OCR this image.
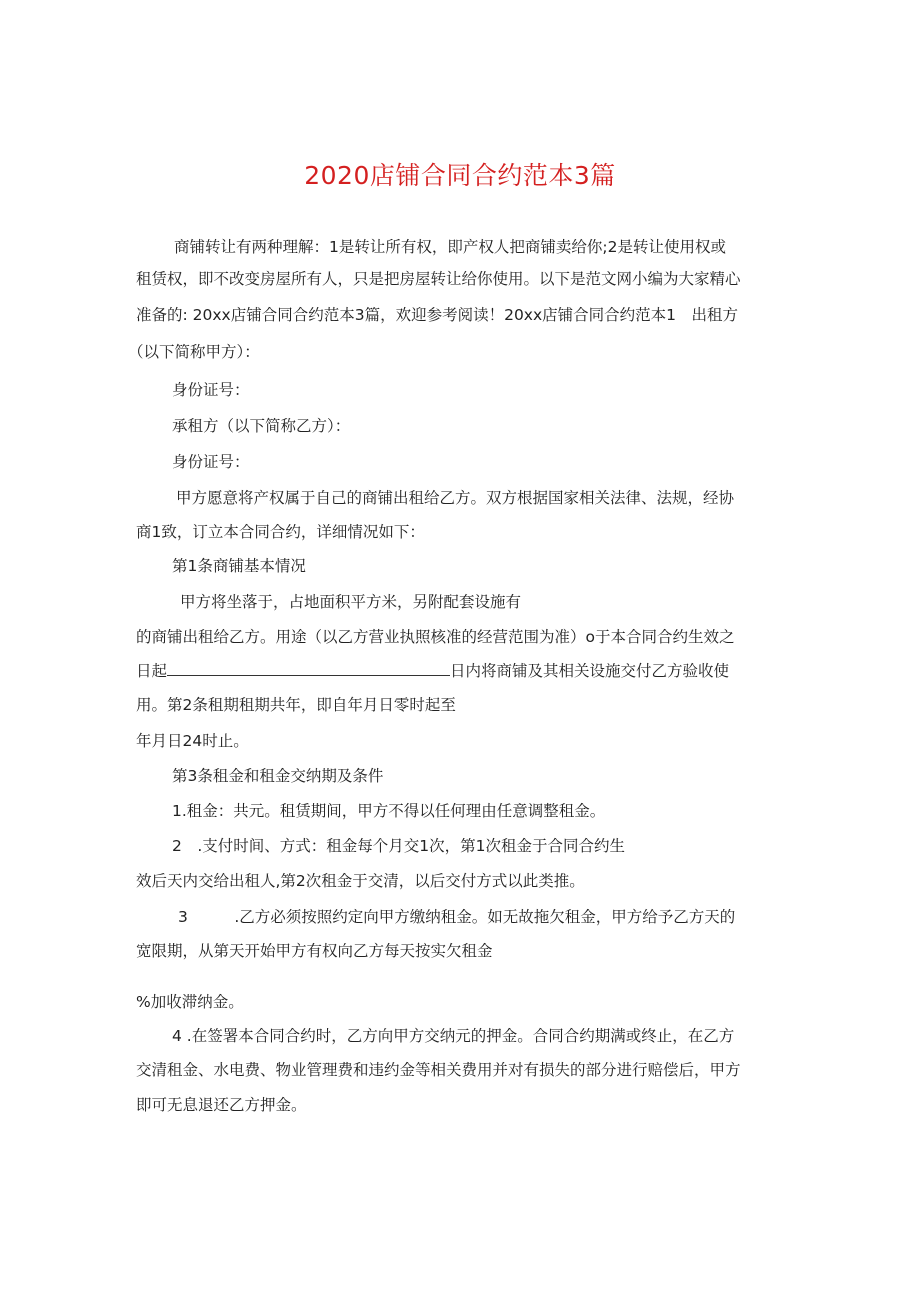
2020店铺合同合约范本3篇
商铺转让有两种理解：1是转让所有权，即产权人把商铺卖给你;2是转让使用权或
租赁权，即不改变房屋所有人，只是把房屋转让给你使用。以下是范文网小编为大家精心
准备的: 20xx店铺合同合约范本3篇，欢迎参考阅读！20xx店铺合同合约范本1　出租方
（以下简称甲方）：
身份证号：
承租方（以下简称乙方）：
身份证号：
甲方愿意将产权属于自己的商铺出租给乙方。双方根据国家相关法律、法规，经协
商1致，订立本合同合约，详细情况如下：
第1条商铺基本情况
甲方将坐落于，占地面积平方米，另附配套设施有
的商铺出租给乙方。用途（以乙方营业执照核准的经营范围为准）o于本合同合约生效之
日起	日内将商铺及其相关设施交付乙方验收使
用。第2条租期租期共年，即自年月日零时起至
年月日24时止。
第3条租金和租金交纳期及条件
1.租金：共元。租赁期间，甲方不得以任何理由任意调整租金。
2　.支付时间、方式：租金每个月交1次，第1次租金于合同合约生
效后天内交给出租人,第2次租金于交清，以后交付方式以此类推。
3　　　.乙方必须按照约定向甲方缴纳租金。如无故拖欠租金，甲方给予乙方天的
宽限期，从第天开始甲方有权向乙方每天按实欠租金
%加收滞纳金。
4 .在签署本合同合约时，乙方向甲方交纳元的押金。合同合约期满或终止，在乙方
交清租金、水电费、物业管理费和违约金等相关费用并对有损失的部分进行赔偿后，甲方
即可无息退还乙方押金。
